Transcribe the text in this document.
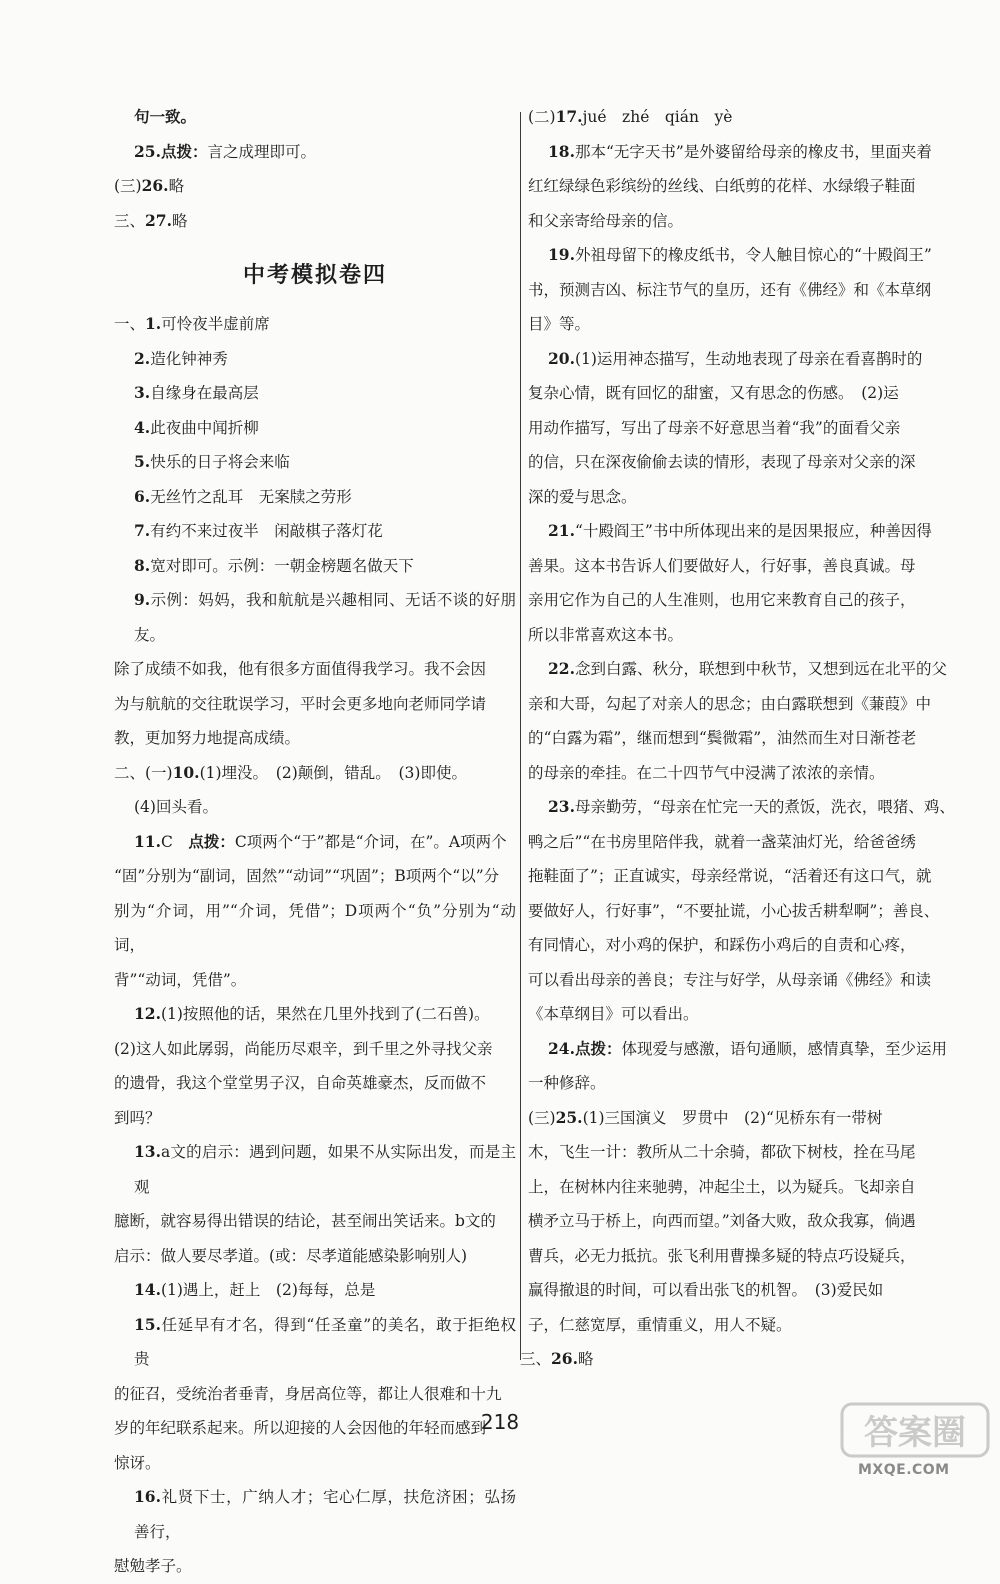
句一致。

25.点拨：言之成理即可。

(三)26.略

三、27.略

中考模拟卷四

一、1.可怜夜半虚前席

2.造化钟神秀

3.自缘身在最高层

4.此夜曲中闻折柳

5.快乐的日子将会来临

6.无丝竹之乱耳　无案牍之劳形

7.有约不来过夜半　闲敲棋子落灯花

8.宽对即可。示例：一朝金榜题名做天下

9.示例：妈妈，我和航航是兴趣相同、无话不谈的好朋友。

除了成绩不如我，他有很多方面值得我学习。我不会因

为与航航的交往耽误学习，平时会更多地向老师同学请

教，更加努力地提高成绩。

二、(一)10.(1)埋没。　(2)颠倒，错乱。　(3)即使。

(4)回头看。

11.C　点拨：C项两个“于”都是“介词，在”。A项两个

“固”分别为“副词，固然”“动词”“巩固”；B项两个“以”分

别为“介词，用”“介词，凭借”；D项两个“负”分别为“动词，

背”“动词，凭借”。

12.(1)按照他的话，果然在几里外找到了(二石兽)。

(2)这人如此孱弱，尚能历尽艰辛，到千里之外寻找父亲

的遗骨，我这个堂堂男子汉，自命英雄豪杰，反而做不

到吗？

13.a文的启示：遇到问题，如果不从实际出发，而是主观

臆断，就容易得出错误的结论，甚至闹出笑话来。b文的

启示：做人要尽孝道。(或：尽孝道能感染影响别人)

14.(1)遇上，赶上　(2)每每，总是

15.任延早有才名，得到“任圣童”的美名，敢于拒绝权贵

的征召，受统治者垂青，身居高位等，都让人很难和十九

岁的年纪联系起来。所以迎接的人会因他的年轻而感到

惊讶。

16.礼贤下士，广纳人才；宅心仁厚，扶危济困；弘扬善行，

慰勉孝子。

(二)17.jué　zhé　qián　yè

18.那本“无字天书”是外婆留给母亲的橡皮书，里面夹着

红红绿绿色彩缤纷的丝线、白纸剪的花样、水绿缎子鞋面

和父亲寄给母亲的信。

19.外祖母留下的橡皮纸书，令人触目惊心的“十殿阎王”

书，预测吉凶、标注节气的皇历，还有《佛经》和《本草纲

目》等。

20.(1)运用神态描写，生动地表现了母亲在看喜鹊时的

复杂心情，既有回忆的甜蜜，又有思念的伤感。　(2)运

用动作描写，写出了母亲不好意思当着“我”的面看父亲

的信，只在深夜偷偷去读的情形，表现了母亲对父亲的深

深的爱与思念。

21.“十殿阎王”书中所体现出来的是因果报应，种善因得

善果。这本书告诉人们要做好人，行好事，善良真诚。母

亲用它作为自己的人生准则，也用它来教育自己的孩子，

所以非常喜欢这本书。

22.念到白露、秋分，联想到中秋节，又想到远在北平的父

亲和大哥，勾起了对亲人的思念；由白露联想到《蒹葭》中

的“白露为霜”，继而想到“鬓微霜”，油然而生对日渐苍老

的母亲的牵挂。在二十四节气中浸满了浓浓的亲情。

23.母亲勤劳，“母亲在忙完一天的煮饭，洗衣，喂猪、鸡、

鸭之后”“在书房里陪伴我，就着一盏菜油灯光，给爸爸绣

拖鞋面了”；正直诚实，母亲经常说，“活着还有这口气，就

要做好人，行好事”，“不要扯谎，小心拔舌耕犁啊”；善良、

有同情心，对小鸡的保护，和踩伤小鸡后的自责和心疼，

可以看出母亲的善良；专注与好学，从母亲诵《佛经》和读

《本草纲目》可以看出。

24.点拨：体现爱与感激，语句通顺，感情真挚，至少运用

一种修辞。

(三)25.(1)三国演义　罗贯中　(2)“见桥东有一带树

木，飞生一计：教所从二十余骑，都砍下树枝，拴在马尾

上，在树林内往来驰骋，冲起尘土，以为疑兵。飞却亲自

横矛立马于桥上，向西而望。”刘备大败，敌众我寡，倘遇

曹兵，必无力抵抗。张飞利用曹操多疑的特点巧设疑兵，

赢得撤退的时间，可以看出张飞的机智。　(3)爱民如

子，仁慈宽厚，重情重义，用人不疑。

三、26.略

218	答案圈
MXQE.COM
